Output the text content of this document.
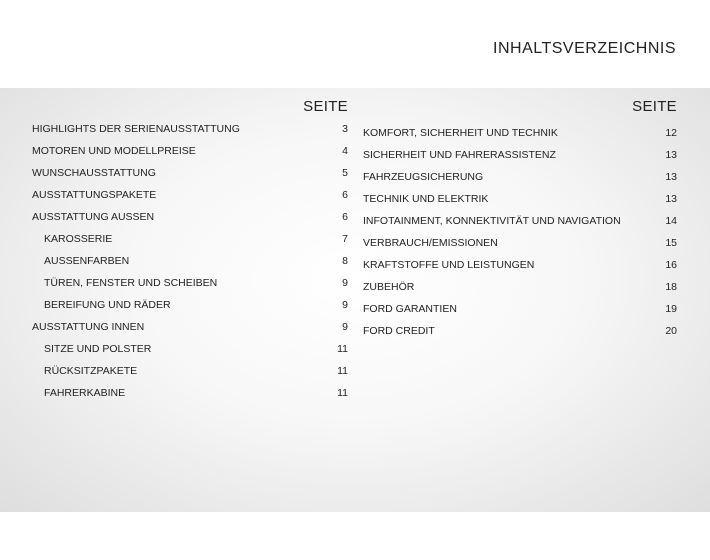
INHALTSVERZEICHNIS
SEITE
HIGHLIGHTS DER SERIENAUSSTATTUNG	3
MOTOREN UND MODELLPREISE	4
WUNSCHAUSSTATTUNG	5
AUSSTATTUNGSPAKETE	6
AUSSTATTUNG AUSSEN	6
KAROSSERIE	7
AUSSENFARBEN	8
TÜREN, FENSTER UND SCHEIBEN	9
BEREIFUNG UND RÄDER	9
AUSSTATTUNG INNEN	9
SITZE UND POLSTER	11
RÜCKSITZPAKETE	11
FAHRERKABINE	11
SEITE
KOMFORT, SICHERHEIT UND TECHNIK	12
SICHERHEIT UND FAHRERASSISTENZ	13
FAHRZEUGSICHERUNG	13
TECHNIK UND ELEKTRIK	13
INFOTAINMENT, KONNEKTIVITÄT UND NAVIGATION	14
VERBRAUCH/EMISSIONEN	15
KRAFTSTOFFE UND LEISTUNGEN	16
ZUBEHÖR	18
FORD GARANTIEN	19
FORD CREDIT	20
